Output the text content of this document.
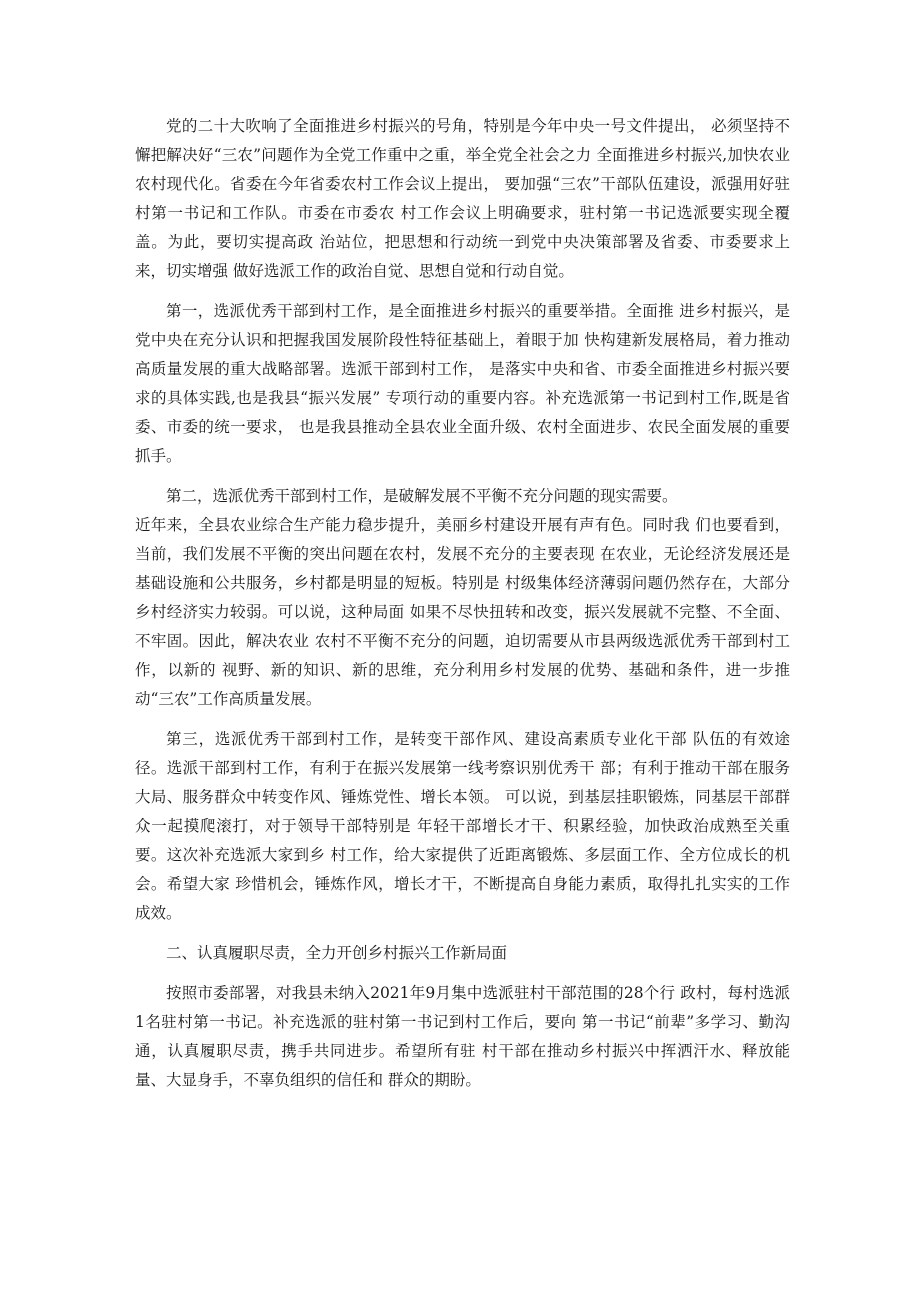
党的二十大吹响了全面推进乡村振兴的号角，特别是今年中央一号文件提出， 必须坚持不懈把解决好“三农”问题作为全党工作重中之重，举全党全社会之力 全面推进乡村振兴,加快农业农村现代化。省委在今年省委农村工作会议上提出， 要加强“三农”干部队伍建设，派强用好驻村第一书记和工作队。市委在市委农 村工作会议上明确要求，驻村第一书记选派要实现全覆盖。为此，要切实提高政 治站位，把思想和行动统一到党中央决策部署及省委、市委要求上来，切实增强 做好选派工作的政治自觉、思想自觉和行动自觉。

第一，选派优秀干部到村工作，是全面推进乡村振兴的重要举措。全面推 进乡村振兴，是党中央在充分认识和把握我国发展阶段性特征基础上，着眼于加 快构建新发展格局，着力推动高质量发展的重大战略部署。选派干部到村工作， 是落实中央和省、市委全面推进乡村振兴要求的具体实践,也是我县“振兴发展” 专项行动的重要内容。补充选派第一书记到村工作,既是省委、市委的统一要求， 也是我县推动全县农业全面升级、农村全面进步、农民全面发展的重要抓手。

第二，选派优秀干部到村工作，是破解发展不平衡不充分问题的现实需要。

近年来，全县农业综合生产能力稳步提升，美丽乡村建设开展有声有色。同时我 们也要看到，当前，我们发展不平衡的突出问题在农村，发展不充分的主要表现 在农业，无论经济发展还是基础设施和公共服务，乡村都是明显的短板。特别是 村级集体经济薄弱问题仍然存在，大部分乡村经济实力较弱。可以说，这种局面 如果不尽快扭转和改变，振兴发展就不完整、不全面、不牢固。因此，解决农业 农村不平衡不充分的问题，迫切需要从市县两级选派优秀干部到村工作，以新的 视野、新的知识、新的思维，充分利用乡村发展的优势、基础和条件，进一步推 动“三农”工作高质量发展。

第三，选派优秀干部到村工作，是转变干部作风、建设高素质专业化干部 队伍的有效途径。选派干部到村工作，有利于在振兴发展第一线考察识别优秀干 部；有利于推动干部在服务大局、服务群众中转变作风、锤炼党性、增长本领。 可以说，到基层挂职锻炼，同基层干部群众一起摸爬滚打，对于领导干部特别是 年轻干部增长才干、积累经验，加快政治成熟至关重要。这次补充选派大家到乡 村工作，给大家提供了近距离锻炼、多层面工作、全方位成长的机会。希望大家 珍惜机会，锤炼作风，增长才干，不断提高自身能力素质，取得扎扎实实的工作 成效。

二、认真履职尽责，全力开创乡村振兴工作新局面

按照市委部署，对我县未纳入2021年9月集中选派驻村干部范围的28个行 政村，每村选派1名驻村第一书记。补充选派的驻村第一书记到村工作后，要向 第一书记“前辈”多学习、勤沟通，认真履职尽责，携手共同进步。希望所有驻 村干部在推动乡村振兴中挥洒汗水、释放能量、大显身手，不辜负组织的信任和 群众的期盼。
